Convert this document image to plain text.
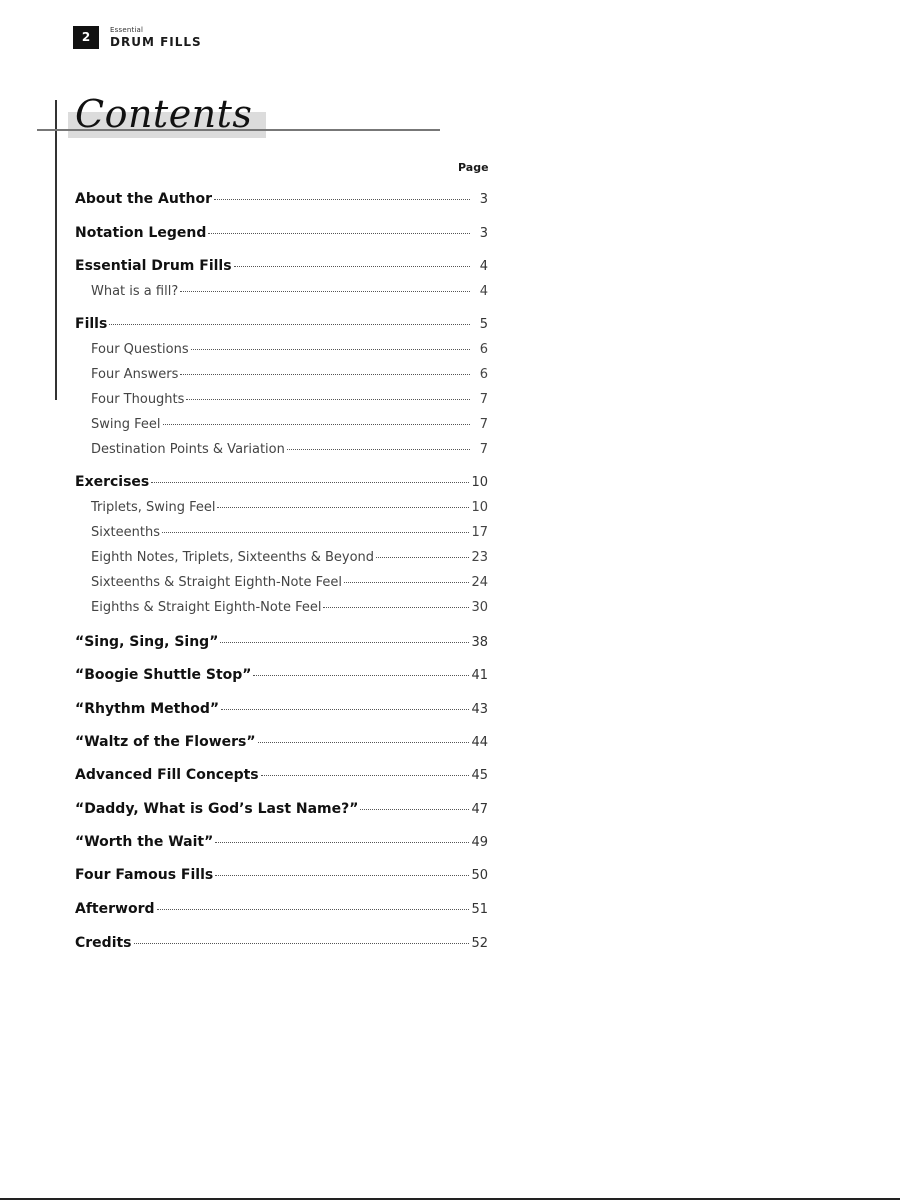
2	Essential
DRUM FILLS
Contents
Page
About the Author	3
Notation Legend	3
Essential Drum Fills	4
What is a fill?	4
Fills	5
Four Questions	6
Four Answers	6
Four Thoughts	7
Swing Feel	7
Destination Points & Variation	7
Exercises	10
Triplets, Swing Feel	10
Sixteenths	17
Eighth Notes, Triplets, Sixteenths & Beyond	23
Sixteenths & Straight Eighth-Note Feel	24
Eighths & Straight Eighth-Note Feel	30
“Sing, Sing, Sing”	38
“Boogie Shuttle Stop”	41
“Rhythm Method”	43
“Waltz of the Flowers”	44
Advanced Fill Concepts	45
“Daddy, What is God’s Last Name?”	47
“Worth the Wait”	49
Four Famous Fills	50
Afterword	51
Credits	52
